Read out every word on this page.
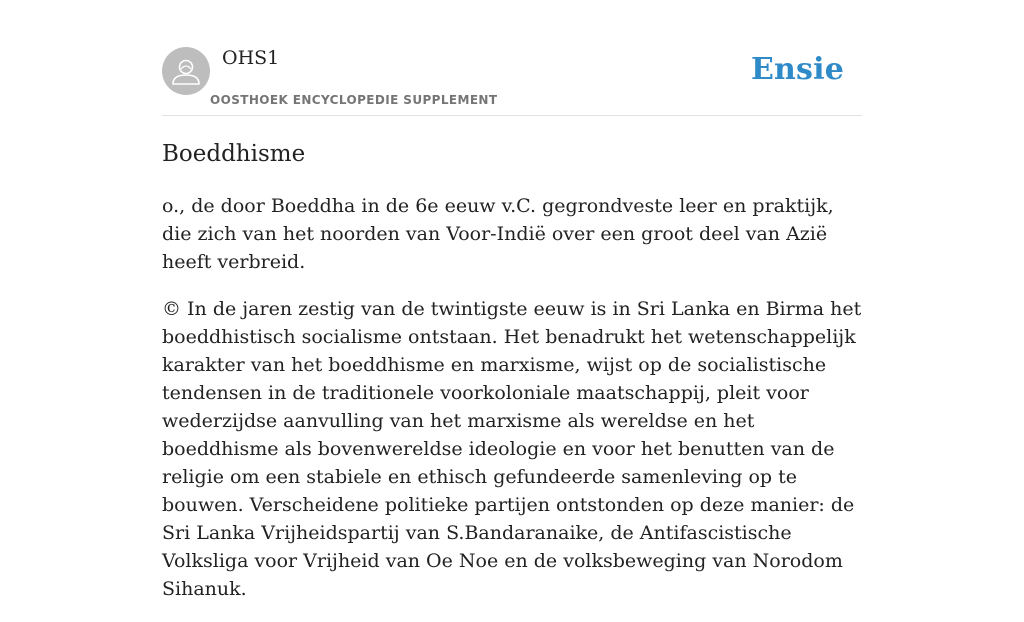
OHS1
OOSTHOEK ENCYCLOPEDIE SUPPLEMENT
Ensie
Boeddhisme

o., de door Boeddha in de 6e eeuw v.C. gegrondveste leer en praktijk, die zich van het noorden van Voor-Indië over een groot deel van Azië heeft verbreid.

© In de jaren zestig van de twintigste eeuw is in Sri Lanka en Birma het boeddhistisch socialisme ontstaan. Het benadrukt het wetenschappelijk karakter van het boeddhisme en marxisme, wijst op de socialistische tendensen in de traditionele voorkoloniale maatschappij, pleit voor wederzijdse aanvulling van het marxisme als wereldse en het boeddhisme als bovenwereldse ideologie en voor het benutten van de religie om een stabiele en ethisch gefundeerde samenleving op te bouwen. Verscheidene politieke partijen ontstonden op deze manier: de Sri Lanka Vrijheidspartij van S.Bandaranaike, de Antifascistische Volksliga voor Vrijheid van Oe Noe en de volksbeweging van Norodom Sihanuk.
